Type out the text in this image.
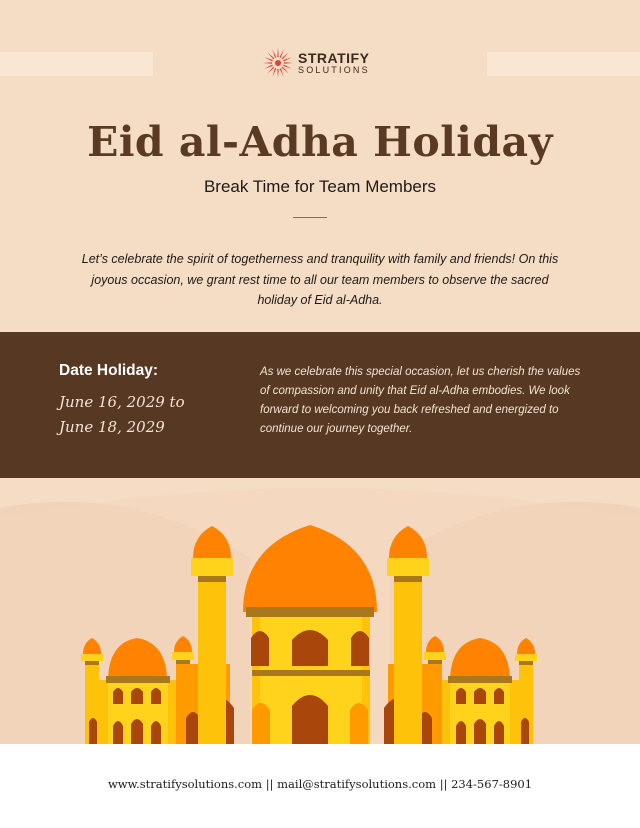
STRATIFY
SOLUTIONS
Eid al-Adha Holiday
Break Time for Team Members

Let’s celebrate the spirit of togetherness and tranquility with family and friends! On this joyous occasion, we grant rest time to all our team members to observe the sacred holiday of Eid al-Adha.

Date Holiday:
June 16, 2029 to
June 18, 2029

As we celebrate this special occasion, let us cherish the values of compassion and unity that Eid al-Adha embodies. We look forward to welcoming you back refreshed and energized to continue our journey together.

www.stratifysolutions.com || mail@stratifysolutions.com || 234-567-8901
